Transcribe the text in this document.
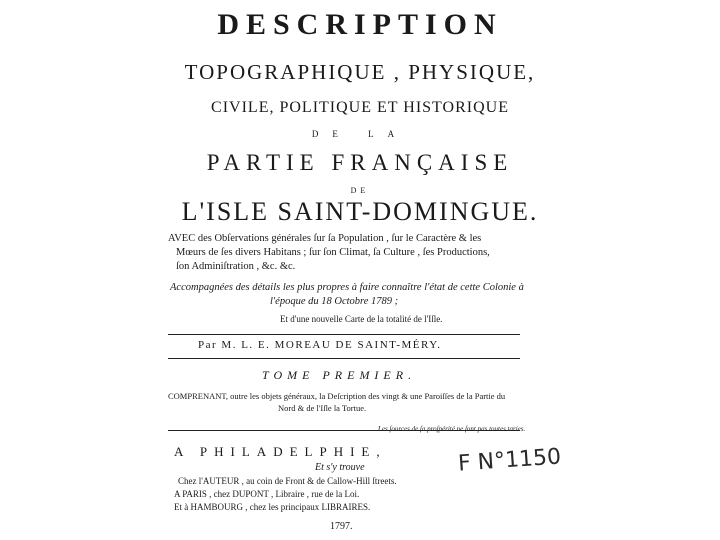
DESCRIPTION
TOPOGRAPHIQUE , PHYSIQUE,
CIVILE, POLITIQUE ET HISTORIQUE
DE LA
PARTIE FRANÇAISE
DE
L'ISLE SAINT-DOMINGUE.
AVEC des Obſervations générales ſur ſa Population , ſur le Caractère & les
Mœurs de ſes divers Habitans ; ſur ſon Climat, ſa Culture , ſes Productions,
ſon Adminiſtration , &c. &c.
Accompagnées des détails les plus propres à faire connaître l'état de cette Colonie à
l'époque du 18 Octobre 1789 ;
Et d'une nouvelle Carte de la totalité de l'Iſle.
Par M. L. E. MOREAU DE SAINT-MÉRY.
TOME PREMIER.
COMPRENANT, outre les objets généraux, la Deſcription des vingt & une Paroiſſes de la Partie du
Nord & de l'Iſle la Tortue.
Les ſources de ſa proſpérité ne ſont pas toutes taries.
A PHILADELPHIE,
Et s'y trouve
Chez l'AUTEUR , au coin de Front & de Callow-Hill ſtreets.
A PARIS , chez DUPONT , Libraire , rue de la Loi.
Et à HAMBOURG , chez les principaux LIBRAIRES.
1797.
F N°1150
